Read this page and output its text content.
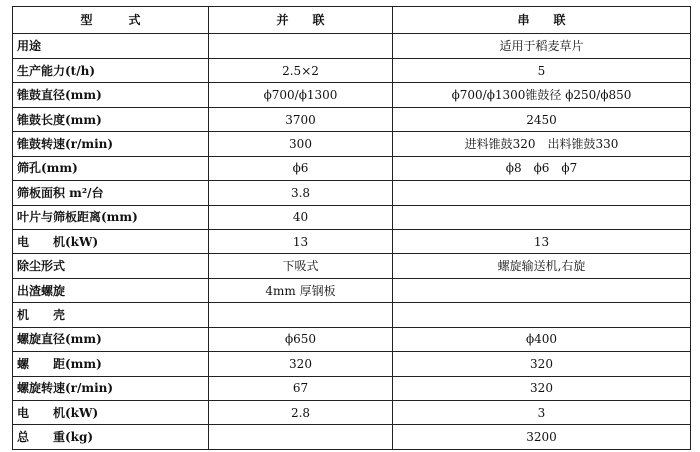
型　　　式	并　　联	串　　联
用途		适用于稻麦草片
生产能力(t/h)	2.5×2	5
锥鼓直径(mm)	ϕ700/ϕ1300	ϕ700/ϕ1300锥鼓径 ϕ250/ϕ850
锥鼓长度(mm)	3700	2450
锥鼓转速(r/min)	300	进料锥鼓320　出料锥鼓330
筛孔(mm)	ϕ6	ϕ8　ϕ6　ϕ7
筛板面积 m²/台	3.8	
叶片与筛板距离(mm)	40	
电　　机(kW)	13	13
除尘形式	下吸式	螺旋输送机,右旋
出渣螺旋	4mm 厚钢板	
机　　壳		
螺旋直径(mm)	ϕ650	ϕ400
螺　　距(mm)	320	320
螺旋转速(r/min)	67	320
电　　机(kW)	2.8	3
总　　重(kg)		3200
